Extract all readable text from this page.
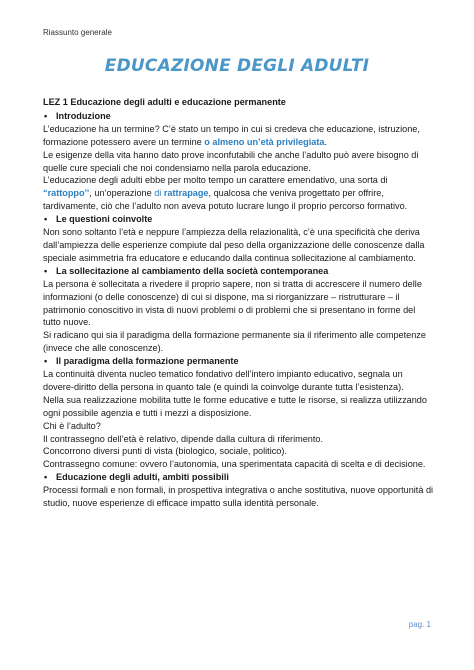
Riassunto generale
EDUCAZIONE DEGLI ADULTI

LEZ 1 Educazione degli adulti e educazione permanente

• Introduzione

L’educazione ha un termine? C’è stato un tempo in cui si credeva che educazione, istruzione, formazione potessero avere un termine o almeno un’età privilegiata.

Le esigenze della vita hanno dato prove inconfutabili che anche l’adulto può avere bisogno di quelle cure speciali che noi condensiamo nella parola educazione.

L’educazione degli adulti ebbe per molto tempo un carattere emendativo, una sorta di “rattoppo’’, un’operazione di rattrapage, qualcosa che veniva progettato per offrire, tardivamente, ciò che l’adulto non aveva potuto lucrare lungo il proprio percorso formativo.

• Le questioni coinvolte

Non sono soltanto l’età e neppure l’ampiezza della relazionalità, c’è una specificità che deriva dall’ampiezza delle esperienze compiute dal peso della organizzazione delle conoscenze dalla speciale asimmetria fra educatore e educando dalla continua sollecitazione al cambiamento.

• La sollecitazione al cambiamento della società contemporanea

La persona è sollecitata a rivedere il proprio sapere, non si tratta di accrescere il numero delle informazioni (o delle conoscenze) di cui si dispone, ma si riorganizzare – ristrutturare – il patrimonio conoscitivo in vista di nuovi problemi o di problemi che si presentano in forme del tutto nuove.

Si radicano qui sia il paradigma della formazione permanente sia il riferimento alle competenze (invece che alle conoscenze).

• Il paradigma della formazione permanente

La continuità diventa nucleo tematico fondativo dell’intero impianto educativo, segnala un dovere-diritto della persona in quanto tale (e quindi la coinvolge durante tutta l’esistenza).

Nella sua realizzazione mobilita tutte le forme educative e tutte le risorse, si realizza utilizzando ogni possibile agenzia e tutti i mezzi a disposizione.

Chi è l’adulto?

Il contrassegno dell’età è relativo, dipende dalla cultura di riferimento.

Concorrono diversi punti di vista (biologico, sociale, politico).

Contrassegno comune: ovvero l’autonomia, una sperimentata capacità di scelta e di decisione.

• Educazione degli adulti, ambiti possibili

Processi formali e non formali, in prospettiva integrativa o anche sostitutiva, nuove opportunità di studio, nuove esperienze di efficace impatto sulla identità personale.

pag. 1
